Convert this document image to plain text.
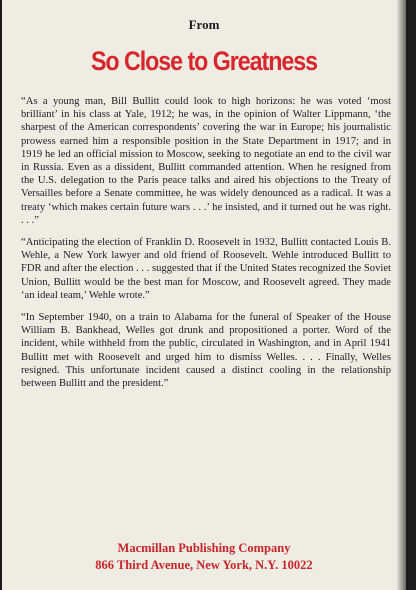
From
So Close to Greatness

“As a young man, Bill Bullitt could look to high horizons: he was voted ‘most brilliant’ in his class at Yale, 1912; he was, in the opinion of Walter Lippmann, ‘the sharpest of the American correspondents’ covering the war in Europe; his journalistic prowess earned him a responsible position in the State Department in 1917; and in 1919 he led an official mission to Moscow, seeking to negotiate an end to the civil war in Russia. Even as a dissident, Bullitt commanded attention. When he resigned from the U.S. delegation to the Paris peace talks and aired his objections to the Treaty of Versailles before a Senate committee, he was widely denounced as a radical. It was a treaty ‘which makes certain future wars . . .’ he insisted, and it turned out he was right. . . .”

“Anticipating the election of Franklin D. Roosevelt in 1932, Bullitt contacted Louis B. Wehle, a New York lawyer and old friend of Roosevelt. Wehle introduced Bullitt to FDR and after the election . . . suggested that if the United States recognized the Soviet Union, Bullitt would be the best man for Moscow, and Roosevelt agreed. They made ‘an ideal team,’ Wehle wrote.”

“In September 1940, on a train to Alabama for the funeral of Speaker of the House William B. Bankhead, Welles got drunk and propositioned a porter. Word of the incident, while withheld from the public, circulated in Washington, and in April 1941 Bullitt met with Roosevelt and urged him to dismiss Welles. . . . Finally, Welles resigned. This unfortunate incident caused a distinct cooling in the relationship between Bullitt and the president.”

Macmillan Publishing Company
866 Third Avenue, New York, N.Y. 10022
